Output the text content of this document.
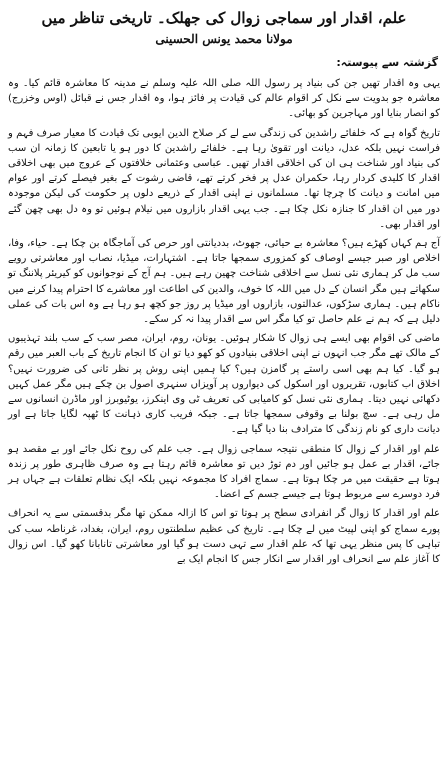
علم، اقدار اور سماجی زوال کی جھلک۔ تاریخی تناظر میں
مولانا محمد یونس الحسینی
گزشتہ سے پیوستہ:

یہی وہ اقدار تھیں جن کی بنیاد پر رسول اللہ صلی اللہ علیہ وسلم نے مدینہ کا معاشرہ قائم کیا۔ وہ معاشرہ جو بدویت سے نکل کر اقوام عالم کی قیادت پر فائز ہوا، وہ اقدار جس نے قبائل (اوس وخزرج) کو انصار بنایا اور مہاجرین کو بھائی۔

تاریخ گواہ ہے کہ خلفائے راشدین کی زندگی سے لے کر صلاح الدین ایوبی تک قیادت کا معیار صرف فہم و فراست نہیں بلکہ عدل، دیانت اور تقویٰ رہا ہے۔ خلفائے راشدین کا دور ہو یا تابعین کا زمانہ ان سب کی بنیاد اور شناخت ہی ان کی اخلاقی اقدار تھیں۔ عباسی وعثمانی خلافتوں کے عروج میں بھی اخلاقی اقدار کا کلیدی کردار رہا، حکمران عدل پر فخر کرتے تھے، قاضی رشوت کے بغیر فیصلے کرتے اور عوام میں امانت و دیانت کا چرچا تھا۔ مسلمانوں نے اپنی اقدار کے ذریعے دلوں پر حکومت کی لیکن موجودہ دور میں ان اقدار کا جنازہ نکل چکا ہے۔ جب یہی اقدار بازاروں میں نیلام ہوئیں تو وہ دل بھی چھن گئے اور اقدار بھی۔

آج ہم کہاں کھڑے ہیں؟ معاشرہ بے حیائی، جھوٹ، بددیانتی اور حرص کی آماجگاہ بن چکا ہے۔ حیاء، وفا، اخلاص اور صبر جیسے اوصاف کو کمزوری سمجھا جاتا ہے۔ اشتہارات، میڈیا، نصاب اور معاشرتی رویے سب مل کر ہماری نئی نسل سے اخلاقی شناخت چھین رہے ہیں۔ ہم آج کے نوجوانوں کو کیریئر پلاننگ تو سکھاتے ہیں مگر انسان کے دل میں اللہ کا خوف، والدین کی اطاعت اور معاشرے کا احترام پیدا کرنے میں ناکام ہیں۔ ہماری سڑکوں، عدالتوں، بازاروں اور میڈیا پر روز جو کچھ ہو رہا ہے وہ اس بات کی عملی دلیل ہے کہ ہم نے علم حاصل تو کیا مگر اس سے اقدار پیدا نہ کر سکے۔

ماضی کی اقوام بھی ایسے ہی زوال کا شکار ہوئیں۔ یونان، روم، ایران، مصر سب کے سب بلند تہذیبوں کے مالک تھے مگر جب انہوں نے اپنی اخلاقی بنیادوں کو کھو دیا تو ان کا انجام تاریخ کے باب العبر میں رقم ہو گیا۔ کیا ہم بھی اسی راستے پر گامزن ہیں؟ کیا ہمیں اپنی روش پر نظر ثانی کی ضرورت نہیں؟ اخلاق اب کتابوں، تقریروں اور اسکول کی دیواروں پر آویزاں سنہری اصول بن چکے ہیں مگر عمل کہیں دکھائی نہیں دیتا۔ ہماری نئی نسل کو کامیابی کی تعریف ٹی وی اینکرز، یوٹیوبرز اور ماڈرن انسانوں سے مل رہی ہے۔ سچ بولنا بے وقوفی سمجھا جاتا ہے۔ جبکہ فریب کاری ذہانت کا ٹھپہ لگایا جاتا ہے اور دیانت داری کو نام زندگی کا مترادف بنا دیا گیا ہے۔

علم اور اقدار کے زوال کا منطقی نتیجہ سماجی زوال ہے۔ جب علم کی روح نکل جائے اور بے مقصد ہو جائے، اقدار بے عمل ہو جائیں اور دم توڑ دیں تو معاشرہ قائم رہتا ہے وہ صرف ظاہری طور پر زندہ ہوتا ہے حقیقت میں مر چکا ہوتا ہے۔ سماج افراد کا مجموعہ نہیں بلکہ ایک نظام تعلقات ہے جہاں ہر فرد دوسرے سے مربوط ہوتا ہے جیسے جسم کے اعضا۔

علم اور اقدار کا زوال گر انفرادی سطح پر ہوتا تو اس کا ازالہ ممکن تھا مگر بدقسمتی سے یہ انحراف پورے سماج کو اپنی لپیٹ میں لے چکا ہے۔ تاریخ کی عظیم سلطنتوں روم، ایران، بغداد، غرناطہ سب کی تباہی کا پس منظر یہی تھا کہ علم اقدار سے تہی دست ہو گیا اور معاشرتی تانابانا کھو گیا۔ اس زوال کا آغاز علم سے انحراف اور اقدار سے انکار جس کا انجام ایک بے
